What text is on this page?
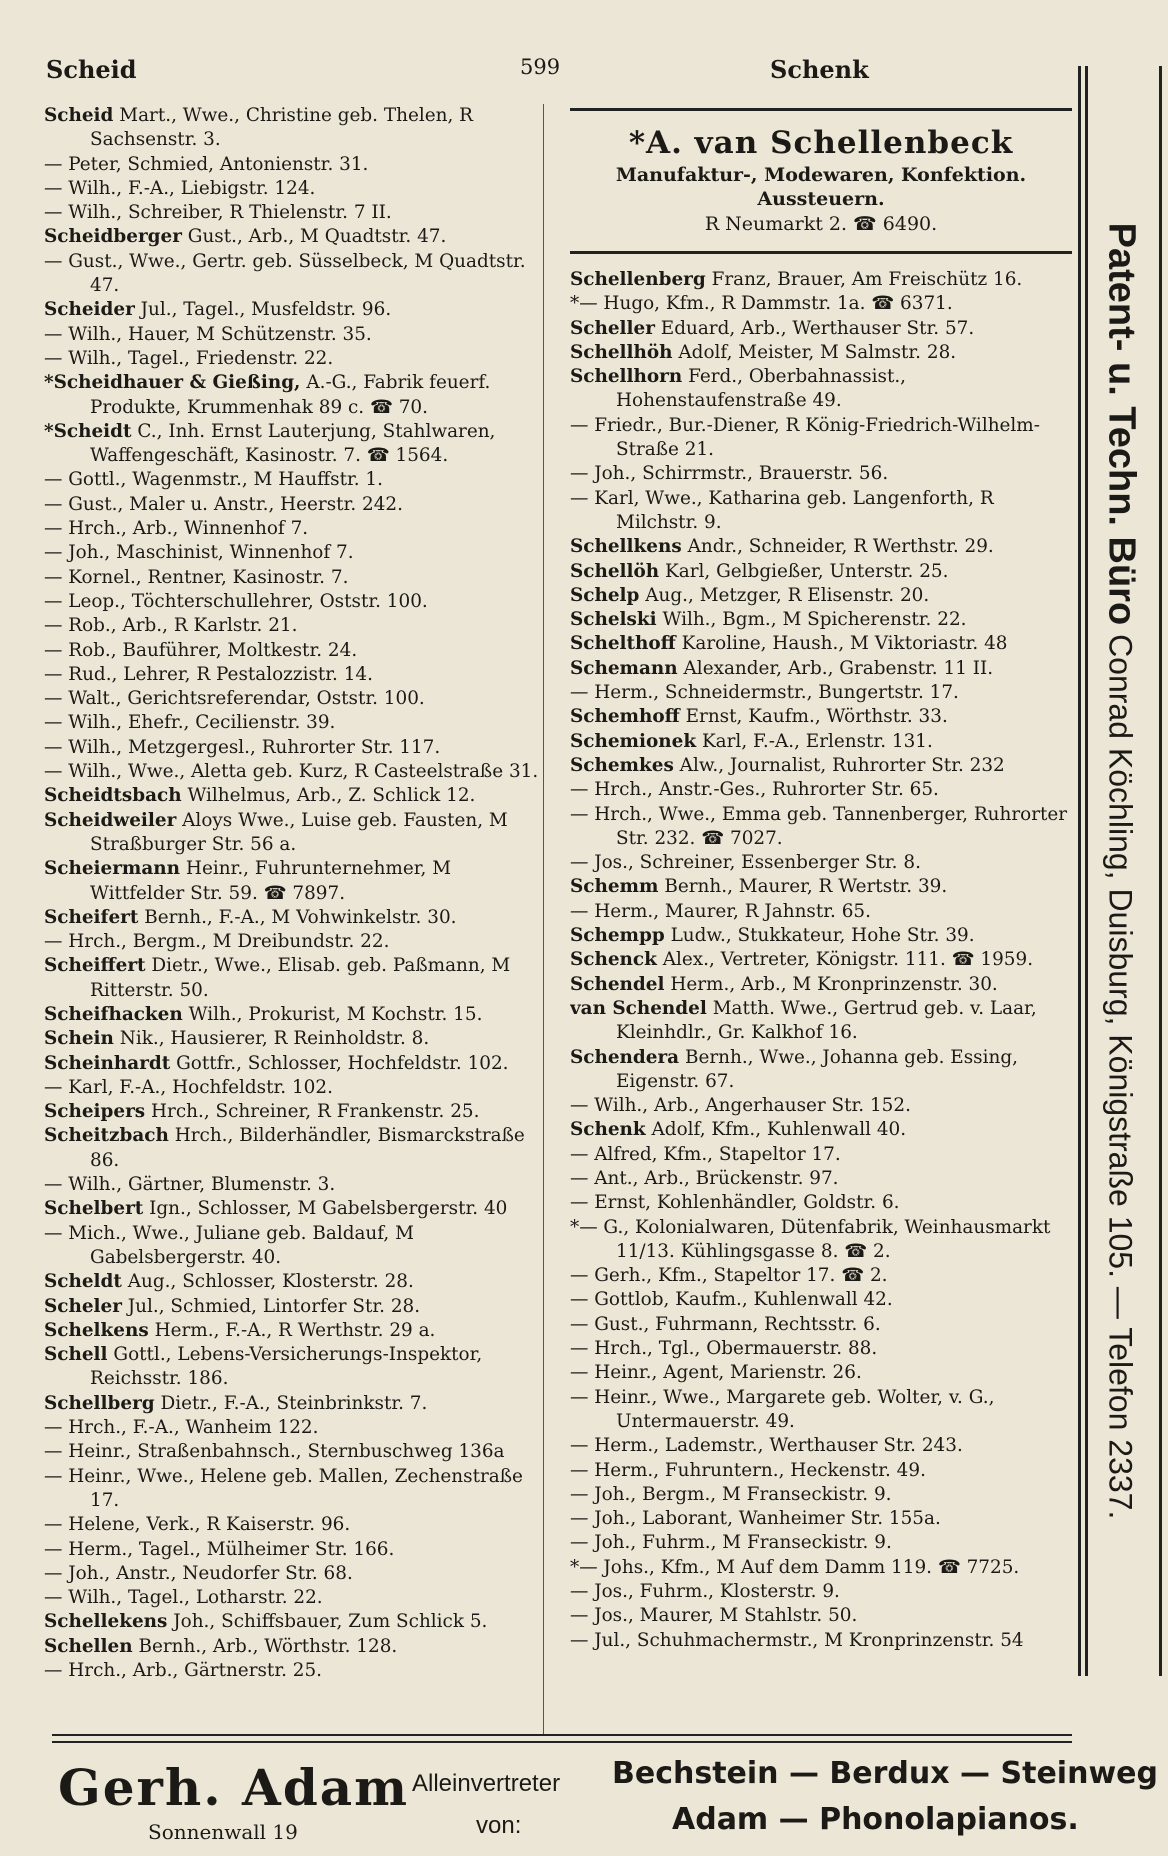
Scheid	599	Schenk
Scheid Mart., Wwe., Christine geb. Thelen, R Sachsenstr. 3.
— Peter, Schmied, Antonienstr. 31.
— Wilh., F.-A., Liebigstr. 124.
— Wilh., Schreiber, R Thielenstr. 7 II.
Scheidberger Gust., Arb., M Quadtstr. 47.
— Gust., Wwe., Gertr. geb. Süsselbeck, M Quadtstr. 47.
Scheider Jul., Tagel., Musfeldstr. 96.
— Wilh., Hauer, M Schützenstr. 35.
— Wilh., Tagel., Friedenstr. 22.
*Scheidhauer & Gießing, A.-G., Fabrik feuerf. Produkte, Krummenhak 89 c. ☎ 70.
*Scheidt C., Inh. Ernst Lauterjung, Stahlwaren, Waffengeschäft, Kasinostr. 7. ☎ 1564.
— Gottl., Wagenmstr., M Hauffstr. 1.
— Gust., Maler u. Anstr., Heerstr. 242.
— Hrch., Arb., Winnenhof 7.
— Joh., Maschinist, Winnenhof 7.
— Kornel., Rentner, Kasinostr. 7.
— Leop., Töchterschullehrer, Oststr. 100.
— Rob., Arb., R Karlstr. 21.
— Rob., Bauführer, Moltkestr. 24.
— Rud., Lehrer, R Pestalozzistr. 14.
— Walt., Gerichtsreferendar, Oststr. 100.
— Wilh., Ehefr., Cecilienstr. 39.
— Wilh., Metzgergesl., Ruhrorter Str. 117.
— Wilh., Wwe., Aletta geb. Kurz, R Casteelstraße 31.
Scheidtsbach Wilhelmus, Arb., Z. Schlick 12.
Scheidweiler Aloys Wwe., Luise geb. Fausten, M Straßburger Str. 56 a.
Scheiermann Heinr., Fuhrunternehmer, M Wittfelder Str. 59. ☎ 7897.
Scheifert Bernh., F.-A., M Vohwinkelstr. 30.
— Hrch., Bergm., M Dreibundstr. 22.
Scheiffert Dietr., Wwe., Elisab. geb. Paßmann, M Ritterstr. 50.
Scheifhacken Wilh., Prokurist, M Kochstr. 15.
Schein Nik., Hausierer, R Reinholdstr. 8.
Scheinhardt Gottfr., Schlosser, Hochfeldstr. 102.
— Karl, F.-A., Hochfeldstr. 102.
Scheipers Hrch., Schreiner, R Frankenstr. 25.
Scheitzbach Hrch., Bilderhändler, Bismarckstraße 86.
— Wilh., Gärtner, Blumenstr. 3.
Schelbert Ign., Schlosser, M Gabelsbergerstr. 40
— Mich., Wwe., Juliane geb. Baldauf, M Gabelsbergerstr. 40.
Scheldt Aug., Schlosser, Klosterstr. 28.
Scheler Jul., Schmied, Lintorfer Str. 28.
Schelkens Herm., F.-A., R Werthstr. 29 a.
Schell Gottl., Lebens-Versicherungs-Inspektor, Reichsstr. 186.
Schellberg Dietr., F.-A., Steinbrinkstr. 7.
— Hrch., F.-A., Wanheim 122.
— Heinr., Straßenbahnsch., Sternbuschweg 136a
— Heinr., Wwe., Helene geb. Mallen, Zechenstraße 17.
— Helene, Verk., R Kaiserstr. 96.
— Herm., Tagel., Mülheimer Str. 166.
— Joh., Anstr., Neudorfer Str. 68.
— Wilh., Tagel., Lotharstr. 22.
Schellekens Joh., Schiffsbauer, Zum Schlick 5.
Schellen Bernh., Arb., Wörthstr. 128.
— Hrch., Arb., Gärtnerstr. 25.
*A. van Schellenbeck
Manufaktur-, Modewaren, Konfektion.
Aussteuern.
R Neumarkt 2. ☎ 6490.
Schellenberg Franz, Brauer, Am Freischütz 16.
*— Hugo, Kfm., R Dammstr. 1a. ☎ 6371.
Scheller Eduard, Arb., Werthauser Str. 57.
Schellhöh Adolf, Meister, M Salmstr. 28.
Schellhorn Ferd., Oberbahnassist., Hohenstaufenstraße 49.
— Friedr., Bur.-Diener, R König-Friedrich-Wilhelm-Straße 21.
— Joh., Schirrmstr., Brauerstr. 56.
— Karl, Wwe., Katharina geb. Langenforth, R Milchstr. 9.
Schellkens Andr., Schneider, R Werthstr. 29.
Schellöh Karl, Gelbgießer, Unterstr. 25.
Schelp Aug., Metzger, R Elisenstr. 20.
Schelski Wilh., Bgm., M Spicherenstr. 22.
Schelthoff Karoline, Haush., M Viktoriastr. 48
Schemann Alexander, Arb., Grabenstr. 11 II.
— Herm., Schneidermstr., Bungertstr. 17.
Schemhoff Ernst, Kaufm., Wörthstr. 33.
Schemionek Karl, F.-A., Erlenstr. 131.
Schemkes Alw., Journalist, Ruhrorter Str. 232
— Hrch., Anstr.-Ges., Ruhrorter Str. 65.
— Hrch., Wwe., Emma geb. Tannenberger, Ruhrorter Str. 232. ☎ 7027.
— Jos., Schreiner, Essenberger Str. 8.
Schemm Bernh., Maurer, R Wertstr. 39.
— Herm., Maurer, R Jahnstr. 65.
Schempp Ludw., Stukkateur, Hohe Str. 39.
Schenck Alex., Vertreter, Königstr. 111. ☎ 1959.
Schendel Herm., Arb., M Kronprinzenstr. 30.
van Schendel Matth. Wwe., Gertrud geb. v. Laar, Kleinhdlr., Gr. Kalkhof 16.
Schendera Bernh., Wwe., Johanna geb. Essing, Eigenstr. 67.
— Wilh., Arb., Angerhauser Str. 152.
Schenk Adolf, Kfm., Kuhlenwall 40.
— Alfred, Kfm., Stapeltor 17.
— Ant., Arb., Brückenstr. 97.
— Ernst, Kohlenhändler, Goldstr. 6.
*— G., Kolonialwaren, Dütenfabrik, Weinhausmarkt 11/13. Kühlingsgasse 8. ☎ 2.
— Gerh., Kfm., Stapeltor 17. ☎ 2.
— Gottlob, Kaufm., Kuhlenwall 42.
— Gust., Fuhrmann, Rechtsstr. 6.
— Hrch., Tgl., Obermauerstr. 88.
— Heinr., Agent, Marienstr. 26.
— Heinr., Wwe., Margarete geb. Wolter, v. G., Untermauerstr. 49.
— Herm., Lademstr., Werthauser Str. 243.
— Herm., Fuhruntern., Heckenstr. 49.
— Joh., Bergm., M Franseckistr. 9.
— Joh., Laborant, Wanheimer Str. 155a.
— Joh., Fuhrm., M Franseckistr. 9.
*— Johs., Kfm., M Auf dem Damm 119. ☎ 7725.
— Jos., Fuhrm., Klosterstr. 9.
— Jos., Maurer, M Stahlstr. 50.
— Jul., Schuhmachermstr., M Kronprinzenstr. 54
Patent- u. Techn. Büro Conrad Köchling, Duisburg, Königstraße 105. — Telefon 2337.
Gerh. Adam
Sonnenwall 19
Alleinvertreter
von:
Bechstein — Berdux — Steinweg
Adam — Phonolapianos.
